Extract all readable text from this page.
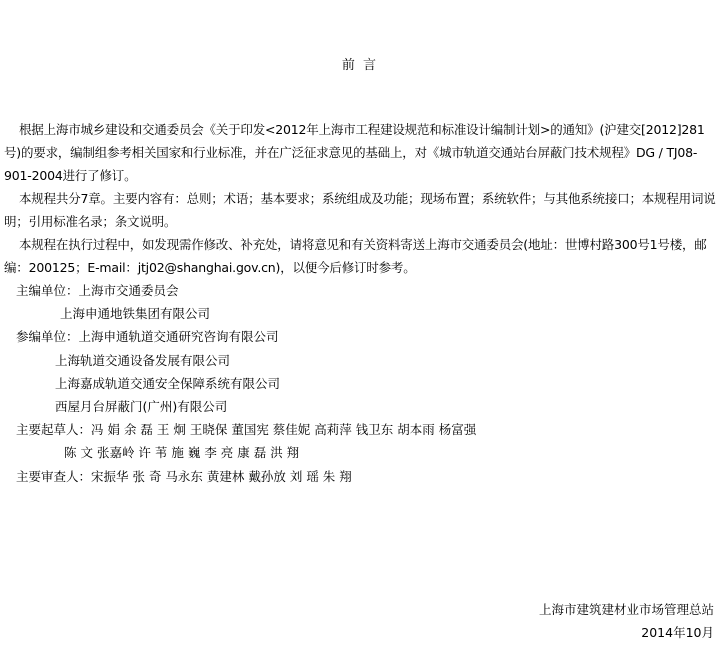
前 言

根据上海市城乡建设和交通委员会《关于印发<2012年上海市工程建设规范和标准设计编制计划>的通知》(沪建交[2012]281号)的要求，编制组参考相关国家和行业标准，并在广泛征求意见的基础上，对《城市轨道交通站台屏蔽门技术规程》DG / TJ08-901-2004进行了修订。

本规程共分7章。主要内容有：总则；术语；基本要求；系统组成及功能；现场布置；系统软件；与其他系统接口；本规程用词说明；引用标准名录；条文说明。

本规程在执行过程中，如发现需作修改、补充处，请将意见和有关资料寄送上海市交通委员会(地址：世博村路300号1号楼，邮编：200125；E-mail：jtj02@shanghai.gov.cn)，以便今后修订时参考。

主编单位：上海市交通委员会
上海申通地铁集团有限公司
参编单位：上海申通轨道交通研究咨询有限公司
上海轨道交通设备发展有限公司
上海嘉成轨道交通安全保障系统有限公司
西屋月台屏蔽门(广州)有限公司
主要起草人：冯 娟 余 磊 王 炯 王晓保 董国宪 蔡佳妮 高莉萍 钱卫东 胡本雨 杨富强
陈 文 张嘉岭 许 苇 施 巍 李 亮 康 磊 洪 翔
主要审查人：宋振华 张 奇 马永东 黄建林 戴孙放 刘 瑶 朱 翔
上海市建筑建材业市场管理总站
2014年10月
